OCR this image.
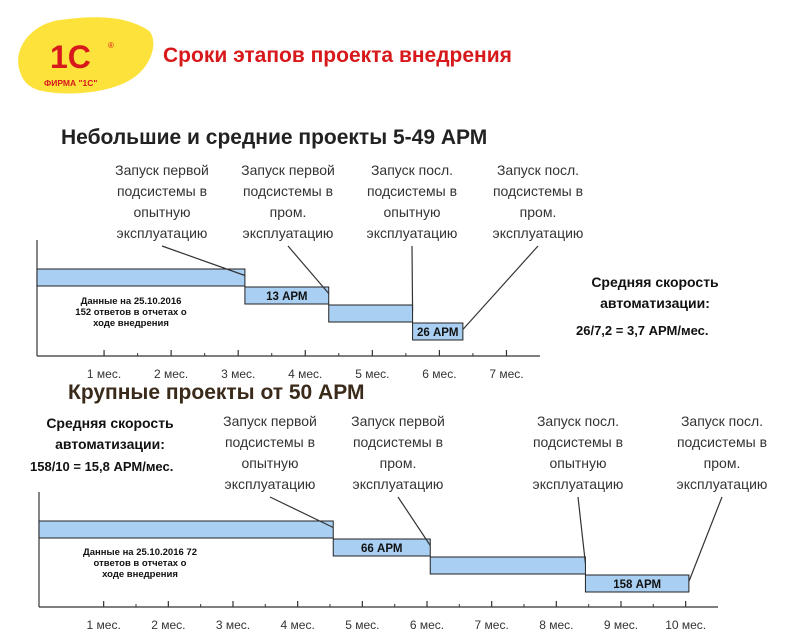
1С ®
ФИРМА "1С"
Сроки этапов проекта внедрения
Небольшие и средние проекты 5-49 АРМ
Запуск первой
подсистемы в
опытную
эксплуатацию
Запуск первой
подсистемы в
пром.
эксплуатацию
Запуск посл.
подсистемы в
опытную
эксплуатацию
Запуск посл.
подсистемы в
пром.
эксплуатацию
1 мес.	2 мес.	3 мес.	4 мес.	5 мес.	6 мес.	7 мес.
13 АРМ
26 АРМ
Данные на 25.10.2016
152 ответов в отчетах о
ходе внедрения
Средняя скорость
автоматизации:
26/7,2 = 3,7 АРМ/мес.
Крупные проекты от 50 АРМ
Средняя скорость
автоматизации:
158/10 = 15,8 АРМ/мес.
Запуск первой
подсистемы в
опытную
эксплуатацию
Запуск первой
подсистемы в
пром.
эксплуатацию
Запуск посл.
подсистемы в
опытную
эксплуатацию
Запуск посл.
подсистемы в
пром.
эксплуатацию
1 мес.	2 мес.	3 мес.	4 мес.	5 мес.	6 мес.	7 мес.	8 мес.	9 мес. 10 мес.
66 АРМ
158 АРМ
Данные на 25.10.2016 72
ответов в отчетах о
ходе внедрения
